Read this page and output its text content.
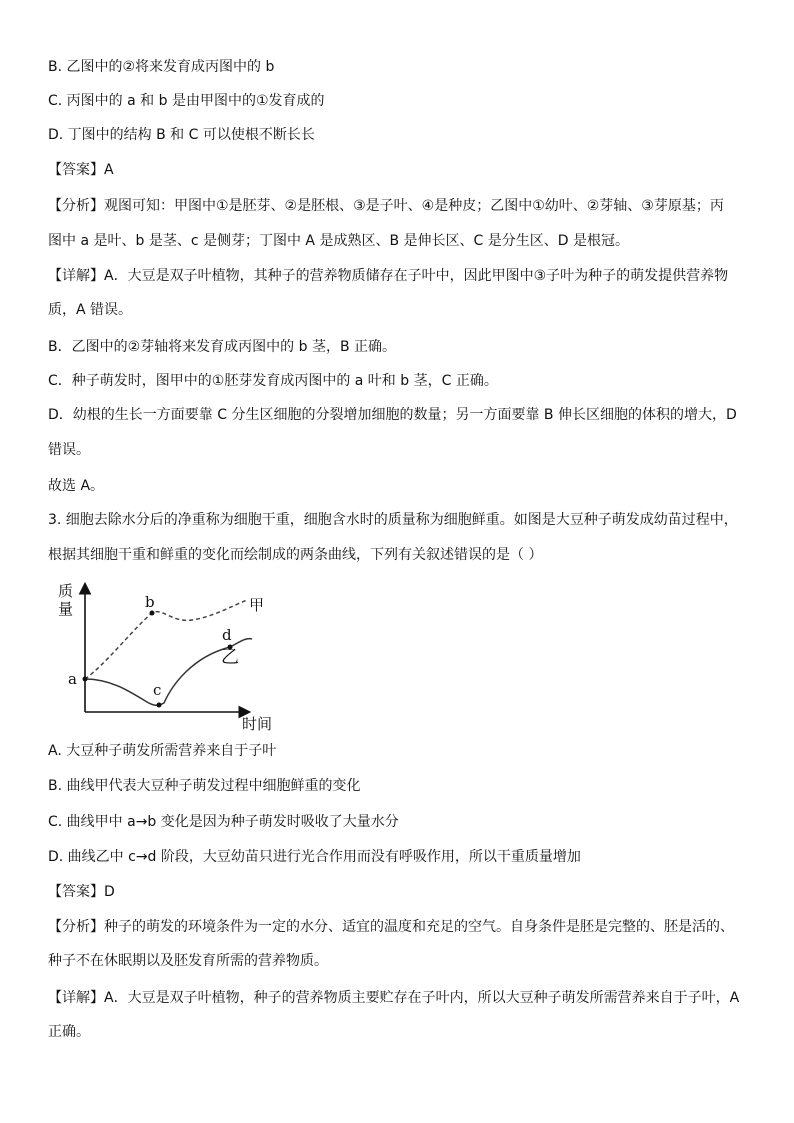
B. 乙图中的②将来发育成丙图中的 b
C. 丙图中的 a 和 b 是由甲图中的①发育成的
D. 丁图中的结构 B 和 C 可以使根不断长长
【答案】A
【分析】观图可知：甲图中①是胚芽、②是胚根、③是子叶、④是种皮；乙图中①幼叶、②芽轴、③芽原基；丙
图中 a 是叶、b 是茎、c 是侧芽；丁图中 A 是成熟区、B 是伸长区、C 是分生区、D 是根冠。
【详解】A．大豆是双子叶植物，其种子的营养物质储存在子叶中，因此甲图中③子叶为种子的萌发提供营养物
质，A 错误。
B．乙图中的②芽轴将来发育成丙图中的 b 茎，B 正确。
C．种子萌发时，图甲中的①胚芽发育成丙图中的 a 叶和 b 茎，C 正确。
D．幼根的生长一方面要靠 C 分生区细胞的分裂增加细胞的数量；另一方面要靠 B 伸长区细胞的体积的增大，D
错误。
故选 A。
3. 细胞去除水分后的净重称为细胞干重，细胞含水时的质量称为细胞鲜重。如图是大豆种子萌发成幼苗过程中，
根据其细胞干重和鲜重的变化而绘制成的两条曲线，下列有关叙述错误的是（ ）
质
量
时间
a
b
c
d
甲
乙
A. 大豆种子萌发所需营养来自于子叶
B. 曲线甲代表大豆种子萌发过程中细胞鲜重的变化
C. 曲线甲中 a→b 变化是因为种子萌发时吸收了大量水分
D. 曲线乙中 c→d 阶段，大豆幼苗只进行光合作用而没有呼吸作用，所以干重质量增加
【答案】D
【分析】种子的萌发的环境条件为一定的水分、适宜的温度和充足的空气。自身条件是胚是完整的、胚是活的、
种子不在休眠期以及胚发育所需的营养物质。
【详解】A．大豆是双子叶植物，种子的营养物质主要贮存在子叶内，所以大豆种子萌发所需营养来自于子叶，A
正确。
